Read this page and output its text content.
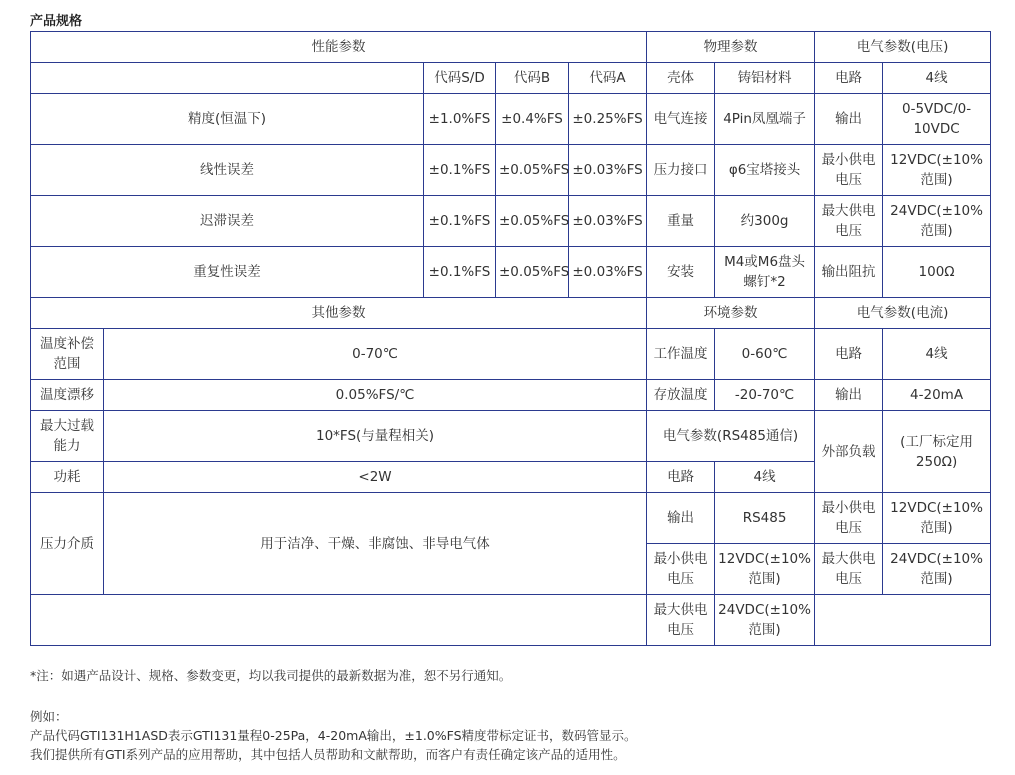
产品规格
性能参数					物理参数		电气参数(电压)	
		代码S/D	代码B	代码A	壳体	铸铝材料	电路	4线
精度(恒温下)		±1.0%FS	±0.4%FS	±0.25%FS	电气连接	4Pin凤凰端子	输出	0-5VDC/0-10VDC
线性误差		±0.1%FS	±0.05%FS	±0.03%FS	压力接口	φ6宝塔接头	最小供电电压	12VDC(±10%范围)
迟滞误差		±0.1%FS	±0.05%FS	±0.03%FS	重量	约300g	最大供电电压	24VDC(±10%范围)
重复性误差		±0.1%FS	±0.05%FS	±0.03%FS	安装	M4或M6盘头螺钉*2	输出阻抗	100Ω
其他参数					环境参数		电气参数(电流)	
温度补偿范围	0-70℃				工作温度	0-60℃	电路	4线
温度漂移	0.05%FS/℃				存放温度	-20-70℃	输出	4-20mA
最大过载能力	10*FS(与量程相关)				电气参数(RS485通信)		外部负载	(工厂标定用250Ω)
功耗	<2W				电路	4线		
压力介质	用于洁净、干燥、非腐蚀、非导电气体				输出	RS485	最小供电电压	12VDC(±10%范围)
					最小供电电压	12VDC(±10%范围)	最大供电电压	24VDC(±10%范围)
					最大供电电压	24VDC(±10%范围)		
*注：如遇产品设计、规格、参数变更，均以我司提供的最新数据为准，恕不另行通知。
例如：
产品代码GTI131H1ASD表示GTI131量程0-25Pa，4-20mA输出，±1.0%FS精度带标定证书，数码管显示。
我们提供所有GTI系列产品的应用帮助，其中包括人员帮助和文献帮助，而客户有责任确定该产品的适用性。
